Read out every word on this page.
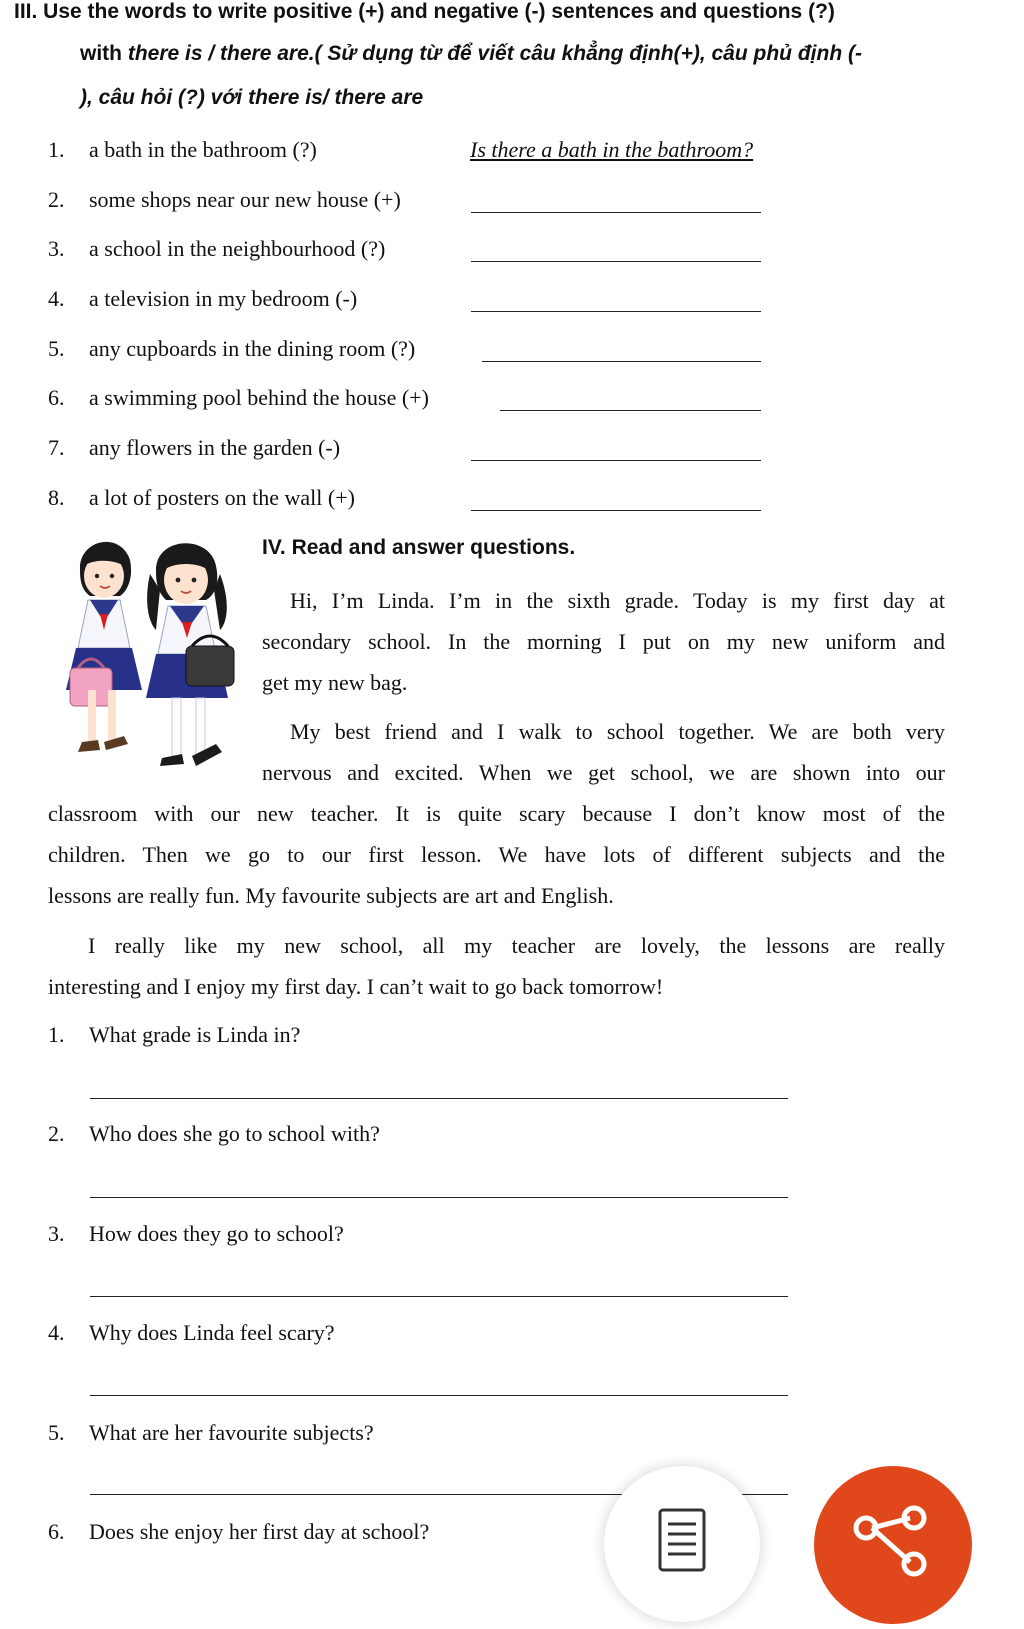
III. Use the words to write positive (+) and negative (-) sentences and questions (?)
with there is / there are.( Sử dụng từ để viết câu khẳng định(+), câu phủ định (-
), câu hỏi (?) với there is/ there are
1. a bath in the bathroom (?)	Is there a bath in the bathroom?
2. some shops near our new house (+)
3. a school in the neighbourhood (?)
4. a television in my bedroom (-)
5. any cupboards in the dining room (?)
6. a swimming pool behind the house (+)
7. any flowers in the garden (-)
8. a lot of posters on the wall (+)
IV. Read and answer questions.
Hi, I’m Linda. I’m in the sixth grade. Today is my first day at
secondary school. In the morning I put on my new uniform and
get my new bag.
My best friend and I walk to school together. We are both very
nervous and excited. When we get school, we are shown into our
classroom with our new teacher. It is quite scary because I don’t know most of the
children. Then we go to our first lesson. We have lots of different subjects and the
lessons are really fun. My favourite subjects are art and English.
I really like my new school, all my teacher are lovely, the lessons are really
interesting and I enjoy my first day. I can’t wait to go back tomorrow!
1. What grade is Linda in?
2. Who does she go to school with?
3. How does they go to school?
4. Why does Linda feel scary?
5. What are her favourite subjects?
6. Does she enjoy her first day at school?
